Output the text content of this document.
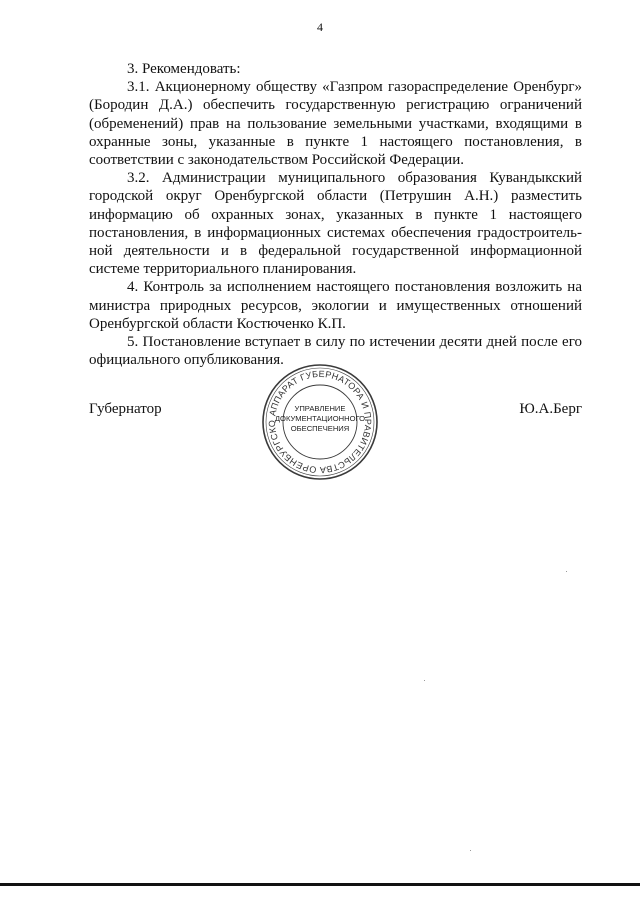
4

3. Рекомендовать:

3.1. Акционерному обществу «Газпром газораспределение Оренбург» (Бородин Д.А.) обеспечить государственную регистрацию ограничений (обременений) прав на пользование земельными участками, входящими в охранные зоны, указанные в пункте 1 настоящего постановления, в соответствии с законодательством Российской Федерации.

3.2. Администрации муниципального образования Кувандыкский городской округ Оренбургской области (Петрушин А.Н.) разместить информацию об охранных зонах, указанных в пункте 1 настоящего постановления, в информационных системах обеспечения градостроительной деятельности и в федеральной государственной информационной системе территориального планирования.

4. Контроль за исполнением настоящего постановления возложить на министра природных ресурсов, экологии и имущественных отношений Оренбургской области Костюченко К.П.

5. Постановление вступает в силу по истечении десяти дней после его официального опубликования.

Губернатор	Ю.А.Берг
АППАРАТ ГУБЕРНАТОРА И ПРАВИТЕЛЬСТВА ОРЕНБУРГСКО
УПРАВЛЕНИЕ
ДОКУМЕНТАЦИОННОГО
ОБЕСПЕЧЕНИЯ
